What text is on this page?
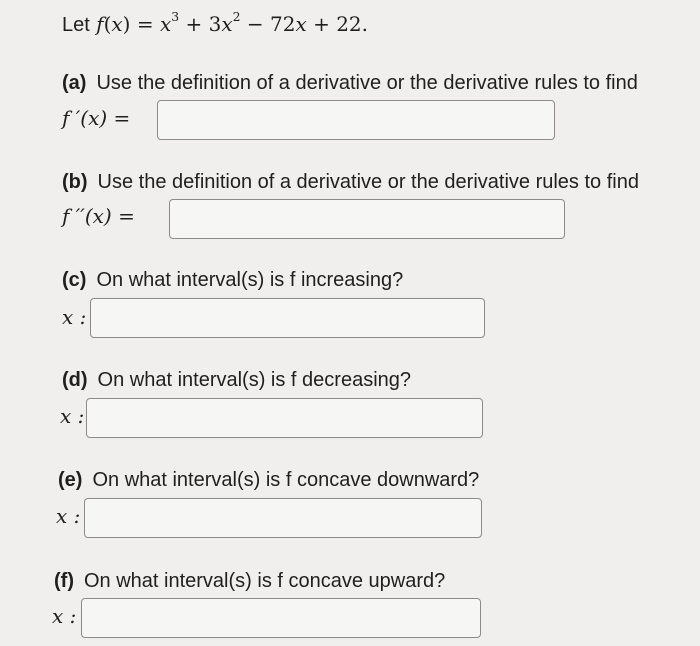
Let $f(x) = x^3 + 3x^2 - 72x + 22$.
(a) Use the definition of a derivative or the derivative rules to find
f ′(x) =
(b) Use the definition of a derivative or the derivative rules to find
f ′′(x) =
(c) On what interval(s) is f increasing?
x :
(d) On what interval(s) is f decreasing?
x :
(e) On what interval(s) is f concave downward?
x :
(f) On what interval(s) is f concave upward?
x :
